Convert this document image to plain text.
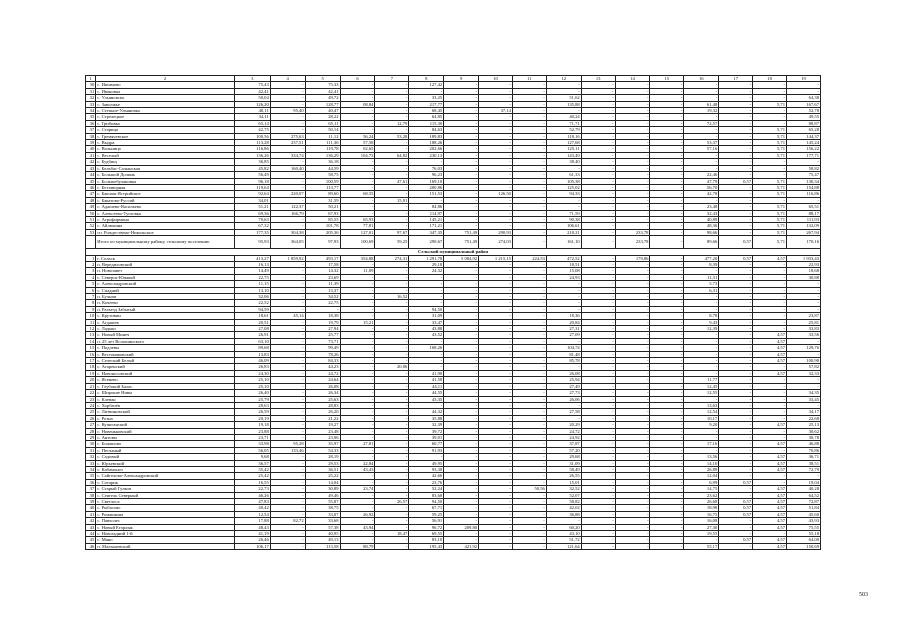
1	2	3	4	5	6	7	8	9	10	11	12	13	14	15	16	17	18	19
30	с. Ишимово	75,43	-	75,33	-	-	127,42	-	-	-	-	-	-	-	-	-	-	-
31	с. Ивановка	42,41	-	42,41	-	-	-	-	-	-	-	-	-	-	-	-	-	-
32	с. Ульяновскъ	50,04	-	49,72	-	-	33,25	-	-	-	51,62	-	-	-	-	-	-	64,38
33	с. Заволжье	126,20	-	128,77	08,84	-	217,77	-	-	-	135,88	-	-	-	61,48	-	5,71	167,67
34	с. Степное-Ульяновка	40,11	95,40	40,47	-	-	68,45	-	37,14	-	-	-	-	-	19,32	-	-	52,78
35	с. Стрелецкое	34,11	-	28,22	-	-	64,85	-	-	-	40,24	-	-	-	-	-	-	49,55
36	с. Грибовка	65,14	-	65,11	-	12,79	115,30	-	-	-	71,71	-	-	-	72,57	-	-	88,87
37	с. Старица	42,75	-	50,14	-	-	84,63	-	-	-	52,79	-	-	-	-	-	5,71	65,28
38	с. Гремячевское	100,56	275,63	11,12	56,24	53,28	189,83	-	-	-	118,16	-	-	-	-	-	5,71	144,37
39	с. Выдра	113,28	237,51	111,36	57,58	-	188,26	-	-	-	127,68	-	-	-	53,37	-	5,71	145,24
40	с. Вольница	116,86	-	119,78	02,65	-	202,66	-	-	-	125,11	-	-	-	57,16	-	5,71	156,22
41	с. Веселый	136,26	334,74	136,29	104,73	64,82	230,13	-	-	-	143,49	-	-	-	-	-	5,71	177,71
42	с. Будбищ	36,85	-	36,18	-	-	-	-	-	-	38,40	-	-	-	-	-	-	-
43	с. Бельбас-Салынская	45,82	160,40	44,59	-	-	76,03	-	-	-	-	-	-	-	-	-	-	58,82
44	с. Большой Долинь	56,49	-	58,75	-	-	96,23	-	-	-	61,33	-	-	-	22,46	-	-	75,47
45	с. Большебулановка	96,18	-	100,59	-	47,61	169,10	-	-	-	105,38	-	-	-	47,79	0,57	5,71	130,34
46	с. Беззаворная	119,64	-	113,77	-	-	200,86	-	-	-	125,02	-	-	-	56,70	-	5,71	154,88
47	с. Бакчаш-Ястрийское	92,64	220,07	89,60	68,55	-	151,53	-	126,50	-	94,33	-	-	-	42,78	-	5,71	116,86
48	с. Бакатово-Руссий	34,01	-	31,59	-	15,01	-	-	-	-	-	-	-	-	-	-	-	-
49	с. Адашево-Васильево	51,21	122,37	50,21	-	-	84,86	-	-	-	-	-	-	-	23,48	-	5,71	65,51
50	с. Алексеево-Тугловка	69,36	166,79	67,93	-	-	114,97	-	-	-	71,59	-	-	-	32,43	-	5,71	88,17
51	с. Агрофирмина	70,63	-	85,55	65,93	-	145,21	-	-	-	90,38	-	-	-	40,89	-	5,71	111,93
52	с. Айлюкина	67,32	-	101,78	77,81	-	171,21	-	-	-	106,61	-	-	-	48,36	-	5,71	132,09
53	сп. Рождествено-Никольское	177,35	304,38	205,36	127,01	97,67	347,35	751,49	290,93	-	218,21	-	233,78	-	98,66	-	5,71	267,94
	Итого по муниципальному району, сельскому поселению	95,93	364,05	97,93	100,69	59,25	290,67	751,49	274,03	-	161,10	-	233,78	-	89,66	0,57	5,71	170,16
Сельский муниципальный район																		
1	г. Сольск	413,27	1 859,92	493,17	354,88	274,31	1 291,78	5 084,92	1 215,15	224,53	472,52	-	179,86	-	477,20	0,57	4,57	1 933,43
2	п. Вередиловский	16,13	-	17,58	-	-	29,18	-	-	-	18,51	-	-	-	8,39	-	-	22,93
3	п. Новозавет	14,49	-	14,32	11,09	-	24,32	-	-	-	15,08	-	-	-	-	-	-	18,68
4	с. Северск-Южный	22,75	-	23,69	-	-	-	-	-	-	24,93	-	-	-	11,31	-	-	30,88
5	с. Александровский	11,15	-	11,39	-	-	-	-	-	-	-	-	-	-	5,73	-	-	-
6	с. Спадний	13,10	-	13,37	-	-	-	-	-	-	-	-	-	-	6,31	-	-	-
7	п. Бучнаи	32,06	-	34,52	-	16,52	-	-	-	-	-	-	-	-	-	-	-	-
8	п. Кочеево	22,52	-	22,75	-	-	-	-	-	-	-	-	-	-	-	-	-	-
9	п. Разъезд Забытый	94,59	-	-	-	-	94,50	-	-	-	-	-	-	-	-	-	-	-
10	с. Крутивин	18,61	45,14	18,38	-	-	31,09	-	-	-	18,36	-	-	-	8,78	-	-	23,87
11	с. Агдашев	20,51	-	19,79	15,21	-	33,47	-	-	-	20,84	-	-	-	9,43	-	-	25,81
12	с. Ладыш	27,08	-	27,94	-	-	43,88	-	-	-	27,31	-	-	-	12,39	-	-	33,83
13	с. Новый Минеч	26,91	-	25,77	-	-	43,52	-	-	-	27,09	-	-	-	-	-	4,57	33,56
14	п. 25 лет Волошинского	63,10	-	73,71	-	-	-	-	-	-	-	-	-	-	-	-	4,57	-
15	с. Подлевы	89,68	-	99,49	-	-	168,26	-	-	-	104,74	-	-	-	-	-	4,57	129,76
16	с. Вестониковский	13,83	-	78,26	-	-	-	-	-	-	81,48	-	-	-	-	-	4,57	-
17	с. Селеский Белый	46,09	-	84,33	-	-	-	-	-	-	85,78	-	-	-	-	-	4,57	100,90
18	с. Агаренский	26,83	-	44,23	-	20,06	-	-	-	-	-	-	-	-	-	-	-	57,82
19	с. Новоносовский	24,30	-	24,72	-	-	41,90	-	-	-	26,08	-	-	-	-	-	4,57	32,33
20	с. Ясенево	25,10	-	24,64	-	-	41,58	-	-	-	25,94	-	-	-	11,77	-	-	-
21	с. Глубокий Балас	25,10	-	26,08	-	-	44,11	-	-	-	27,49	-	-	-	12,45	-	-	-
22	с. Широкие Нивы	26,40	-	26,34	-	-	44,55	-	-	-	27,73	-	-	-	12,55	-	-	34,35
23	с. Клеван	25,79	-	25,63	-	-	43,35	-	-	-	26,06	-	-	-	-	-	-	33,45
24	с. Хорбачёв	28,63	-	28,83	-	-	-	-	-	-	-	-	-	-	13,63	-	-	-
25	с. Литвиновский	26,59	-	26,20	-	-	44,32	-	-	-	27,58	-	-	-	12,54	-	-	34,17
26	с. Розна	20,19	-	21,22	-	-	35,88	-	-	-	-	-	-	-	10,17	-	-	22,68
27	с. Купиганский	19,18	-	19,27	-	-	32,39	-	-	-	20,29	-	-	-	9,20	-	4,57	25,13
28	с. Новеньковский	23,88	-	23,48	-	-	39,72	-	-	-	24,72	-	-	-	-	-	-	30,62
29	с. Антовы	23,71	-	23,06	-	-	39,01	-	-	-	24,92	-	-	-	-	-	-	30,78
30	с. Бонашово	33,98	95,28	35,97	27,81	-	60,77	-	-	-	37,87	-	-	-	17,16	-	4,57	46,88
31	с. Песчаный	56,05	133,46	54,33	-	-	91,93	-	-	-	57,20	-	-	-	-	-	-	70,86
32	с. Садовый	9,68	-	28,19	-	-	-	-	-	-	29,68	-	-	-	13,56	-	4,57	36,71
33	с. Юрьевский	36,57	-	29,53	22,84	-	49,95	-	-	-	31,09	-	-	-	14,10	-	4,57	38,51
34	с. Кабамоноз	35,42	-	36,51	43,43	-	93,38	-	-	-	58,49	-	-	-	26,89	-	4,57	72,79
35	с. Сайгелово-Александровский	25,42	-	25,22	-	-	42,66	-	-	-	26,55	-	-	-	12,04	-	-	-
36	с. Сотарик	16,55	-	14,04	-	-	23,76	-	-	-	15,01	-	-	-	6,99	0,57	-	19,04
37	с. Старый Гулков	22,73	-	30,89	23,74	-	52,24	-	-	50,56	32,52	-	-	-	14,75	-	4,57	40,28
38	с. Сеятель Северный	46,26	-	49,46	-	-	83,68	-	-	-	52,07	-	-	-	23,62	-	4,57	64,52
39	с. Светлоса	47,83	-	55,87	-	26,57	94,50	-	-	-	58,82	-	-	-	26,68	0,57	4,57	72,87
40	с. Рыбасово	40,42	-	38,75	-	-	67,71	-	-	-	42,02	-	-	-	18,98	0,57	4,57	51,84
41	с. Ромашкова	12,54	-	33,07	26,92	-	59,25	-	-	-	36,88	-	-	-	16,75	0,57	4,57	45,60
42	с. Павлолес	17,88	82,72	33,68	-	-	56,91	-	-	-	-	-	-	-	16,08	-	4,57	43,93
43	с. Новый Егорлык	48,43	-	57,38	43,94	-	96,72	209,80	-	-	60,20	-	-	-	27,30	-	4,57	75,55
44	с. Новозадний 1-й	41,19	-	40,95	-	18,47	69,55	-	-	-	43,10	-	-	-	19,55	-	-	55,18
45	с. Мяно	26,46	-	49,13	-	-	83,10	-	-	-	51,72	-	-	-	-	0,57	4,57	64,00
46	п. Малышевский	106,17	-	113,58	88,79	-	195,43	421,92	-	-	121,64	-	-	-	55,17	-	4,57	150,69
503
